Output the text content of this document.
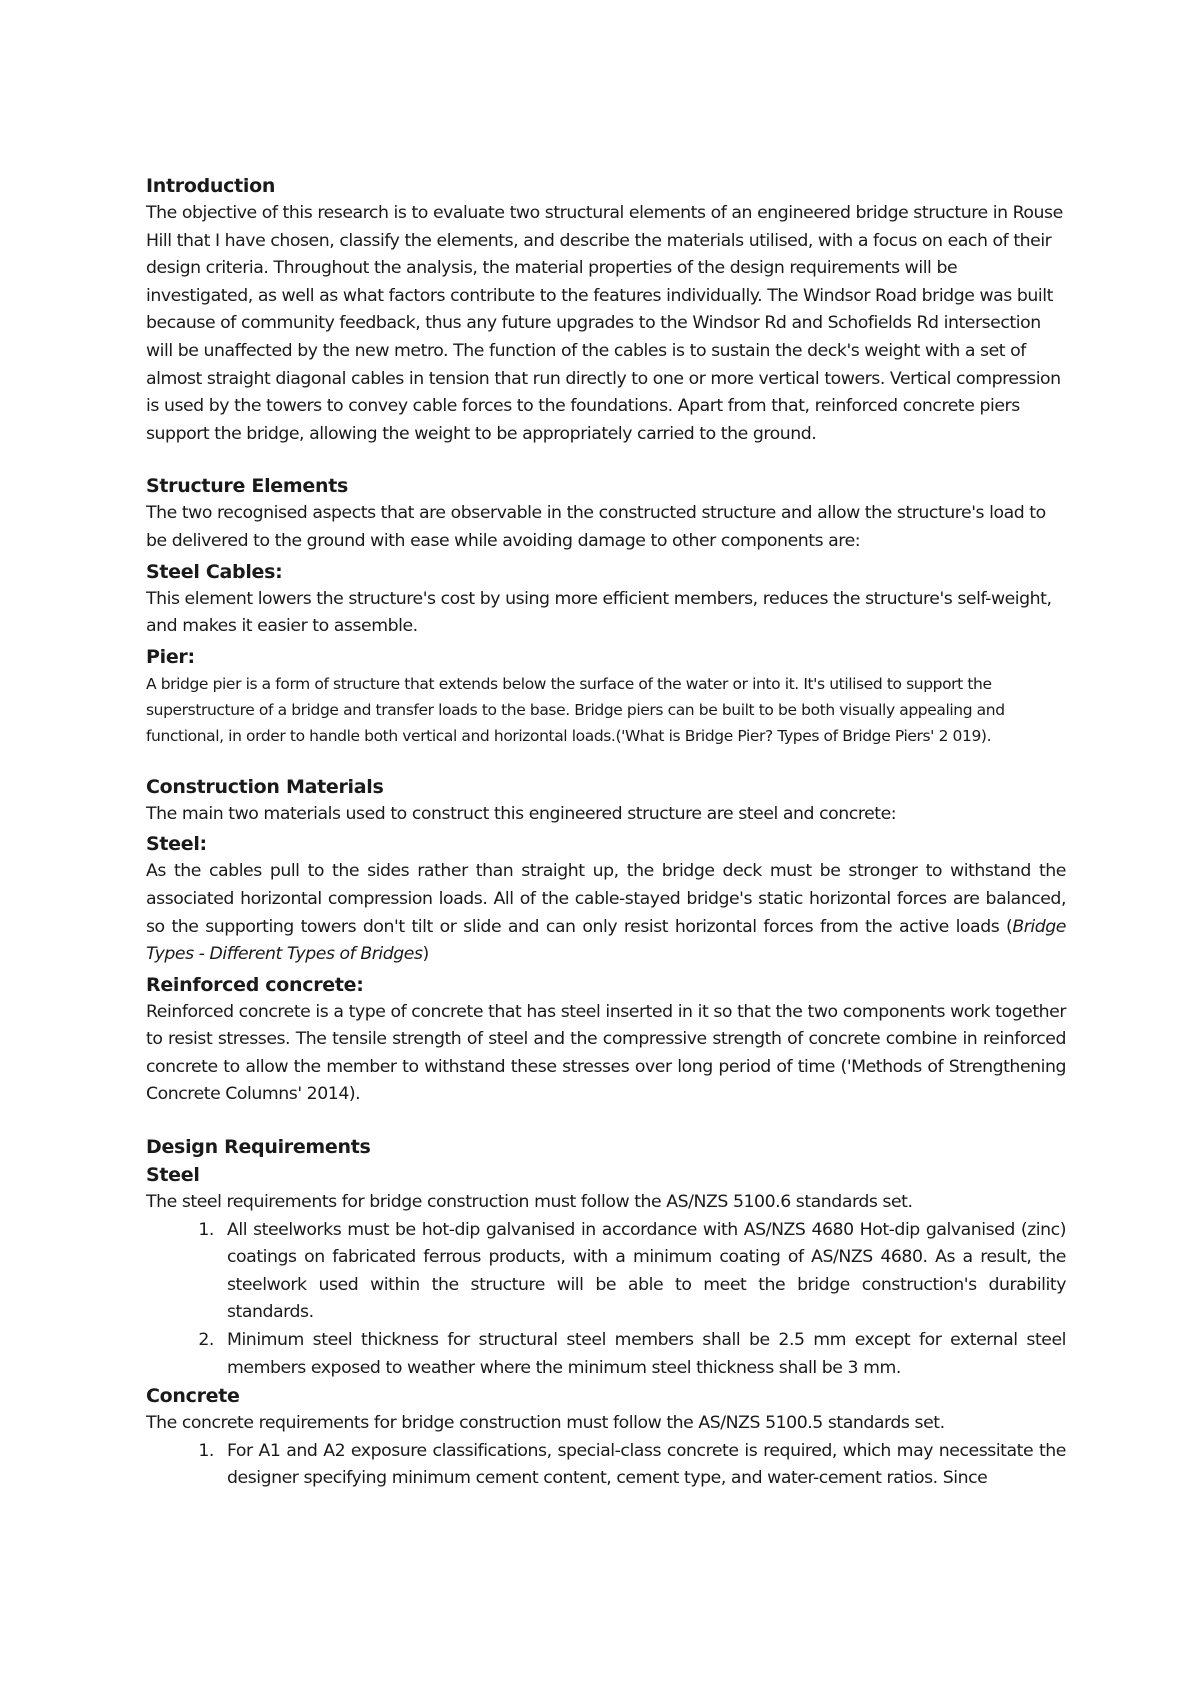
Introduction

The objective of this research is to evaluate two structural elements of an engineered bridge structure in Rouse Hill that I have chosen, classify the elements, and describe the materials utilised, with a focus on each of their design criteria. Throughout the analysis, the material properties of the design requirements will be investigated, as well as what factors contribute to the features individually. The Windsor Road bridge was built because of community feedback, thus any future upgrades to the Windsor Rd and Schofields Rd intersection will be unaffected by the new metro. The function of the cables is to sustain the deck's weight with a set of almost straight diagonal cables in tension that run directly to one or more vertical towers. Vertical compression is used by the towers to convey cable forces to the foundations. Apart from that, reinforced concrete piers support the bridge, allowing the weight to be appropriately carried to the ground.

Structure Elements

The two recognised aspects that are observable in the constructed structure and allow the structure's load to be delivered to the ground with ease while avoiding damage to other components are:

Steel Cables:

This element lowers the structure's cost by using more efficient members, reduces the structure's self-weight, and makes it easier to assemble.

Pier:

A bridge pier is a form of structure that extends below the surface of the water or into it. It's utilised to support the superstructure of a bridge and transfer loads to the base. Bridge piers can be built to be both visually appealing and functional, in order to handle both vertical and horizontal loads.('What is Bridge Pier? Types of Bridge Piers' 2 019).

Construction Materials

The main two materials used to construct this engineered structure are steel and concrete:

Steel:

As the cables pull to the sides rather than straight up, the bridge deck must be stronger to withstand the associated horizontal compression loads. All of the cable-stayed bridge's static horizontal forces are balanced, so the supporting towers don't tilt or slide and can only resist horizontal forces from the active loads (Bridge Types - Different Types of Bridges)

Reinforced concrete:

Reinforced concrete is a type of concrete that has steel inserted in it so that the two components work together to resist stresses. The tensile strength of steel and the compressive strength of concrete combine in reinforced concrete to allow the member to withstand these stresses over long period of time ('Methods of Strengthening Concrete Columns' 2014).

Design Requirements
Steel

The steel requirements for bridge construction must follow the AS/NZS 5100.6 standards set.

1. All steelworks must be hot-dip galvanised in accordance with AS/NZS 4680 Hot-dip galvanised (zinc) coatings on fabricated ferrous products, with a minimum coating of AS/NZS 4680. As a result, the steelwork used within the structure will be able to meet the bridge construction's durability standards.
2. Minimum steel thickness for structural steel members shall be 2.5 mm except for external steel members exposed to weather where the minimum steel thickness shall be 3 mm.
Concrete

The concrete requirements for bridge construction must follow the AS/NZS 5100.5 standards set.

1. For A1 and A2 exposure classifications, special-class concrete is required, which may necessitate the designer specifying minimum cement content, cement type, and water-cement ratios. Since
